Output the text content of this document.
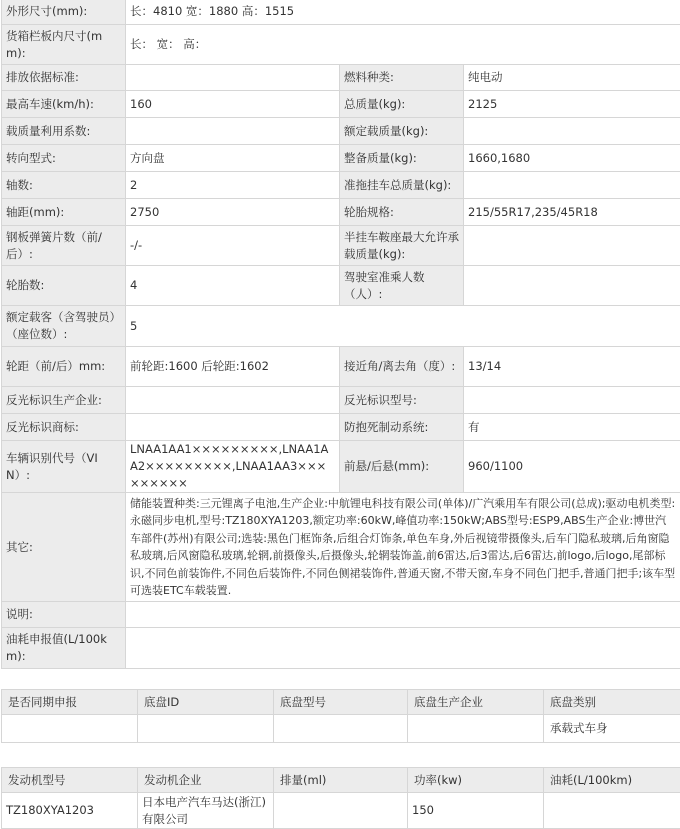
外形尺寸(mm):	长：4810 宽：1880 高：1515		
货箱栏板内尺寸(mm):	长： 宽： 高：		
排放依据标准:		燃料种类:	纯电动
最高车速(km/h):	160	总质量(kg):	2125
载质量利用系数:		额定载质量(kg):	
转向型式:	方向盘	整备质量(kg):	1660,1680
轴数:	2	准拖挂车总质量(kg):	
轴距(mm):	2750	轮胎规格:	215/55R17,235/45R18
钢板弹簧片数（前/后）:	-/-	半挂车鞍座最大允许承载质量(kg):	
轮胎数:	4	驾驶室准乘人数（人）:	
额定载客（含驾驶员）（座位数）:	5		
轮距（前/后）mm:	前轮距:1600 后轮距:1602	接近角/离去角（度）:	13/14
反光标识生产企业:		反光标识型号:	
反光标识商标:		防抱死制动系统:	有
车辆识别代号（VIN）:	LNAA1AA1×××××××××,LNAA1AA2×××××××××,LNAA1AA3×××××××××	前悬/后悬(mm):	960/1100
其它:	储能装置种类:三元锂离子电池,生产企业:中航锂电科技有限公司(单体)/广汽乘用车有限公司(总成);驱动电机类型:永磁同步电机,型号:TZ180XYA1203,额定功率:60kW,峰值功率:150kW;ABS型号:ESP9,ABS生产企业:博世汽车部件(苏州)有限公司;选装:黑色门框饰条,后组合灯饰条,单色车身,外后视镜带摄像头,后车门隐私玻璃,后角窗隐私玻璃,后风窗隐私玻璃,轮辋,前摄像头,后摄像头,轮辋装饰盖,前6雷达,后3雷达,后6雷达,前logo,后logo,尾部标识,不同色前装饰件,不同色后装饰件,不同色侧裙装饰件,普通天窗,不带天窗,车身不同色门把手,普通门把手;该车型可选装ETC车载装置.		
说明:			
油耗申报值(L/100km):			
是否同期申报	底盘ID	底盘型号	底盘生产企业	底盘类别
				承载式车身
发动机型号	发动机企业	排量(ml)	功率(kw)	油耗(L/100km)
TZ180XYA1203	日本电产汽车马达(浙江)有限公司		150	
